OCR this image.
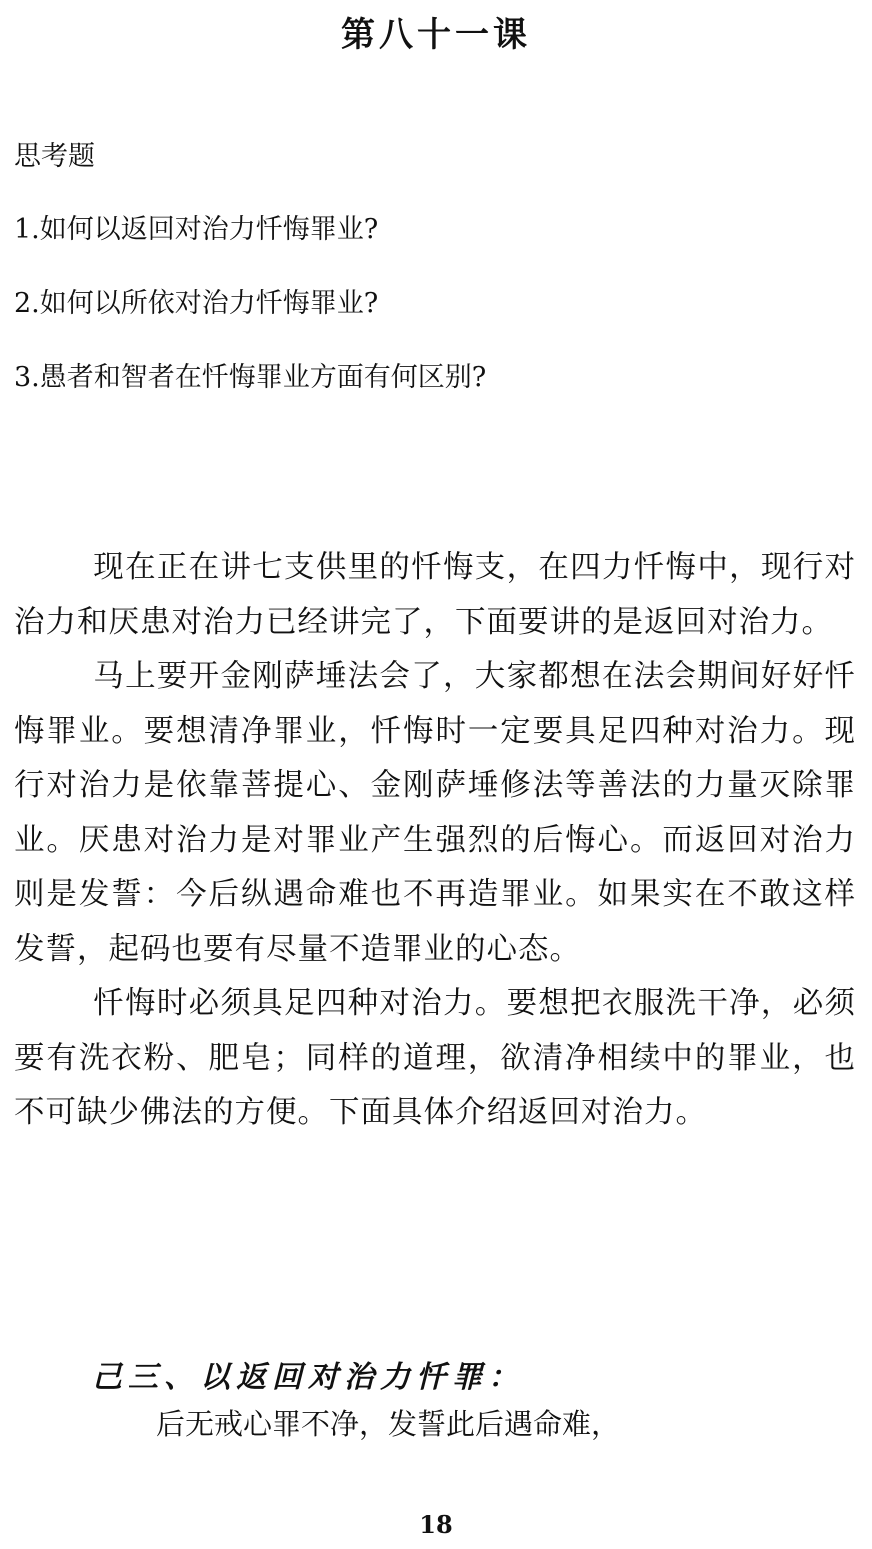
第八十一课
思考题
1.如何以返回对治力忏悔罪业?
2.如何以所依对治力忏悔罪业?
3.愚者和智者在忏悔罪业方面有何区别?

现在正在讲七支供里的忏悔支，在四力忏悔中，现行对治力和厌患对治力已经讲完了，下面要讲的是返回对治力。

马上要开金刚萨埵法会了，大家都想在法会期间好好忏悔罪业。要想清净罪业，忏悔时一定要具足四种对治力。现行对治力是依靠菩提心、金刚萨埵修法等善法的力量灭除罪业。厌患对治力是对罪业产生强烈的后悔心。而返回对治力则是发誓：今后纵遇命难也不再造罪业。如果实在不敢这样发誓，起码也要有尽量不造罪业的心态。

忏悔时必须具足四种对治力。要想把衣服洗干净，必须要有洗衣粉、肥皂；同样的道理，欲清净相续中的罪业，也不可缺少佛法的方便。下面具体介绍返回对治力。

己三、以返回对治力忏罪：
后无戒心罪不净，发誓此后遇命难，
18
